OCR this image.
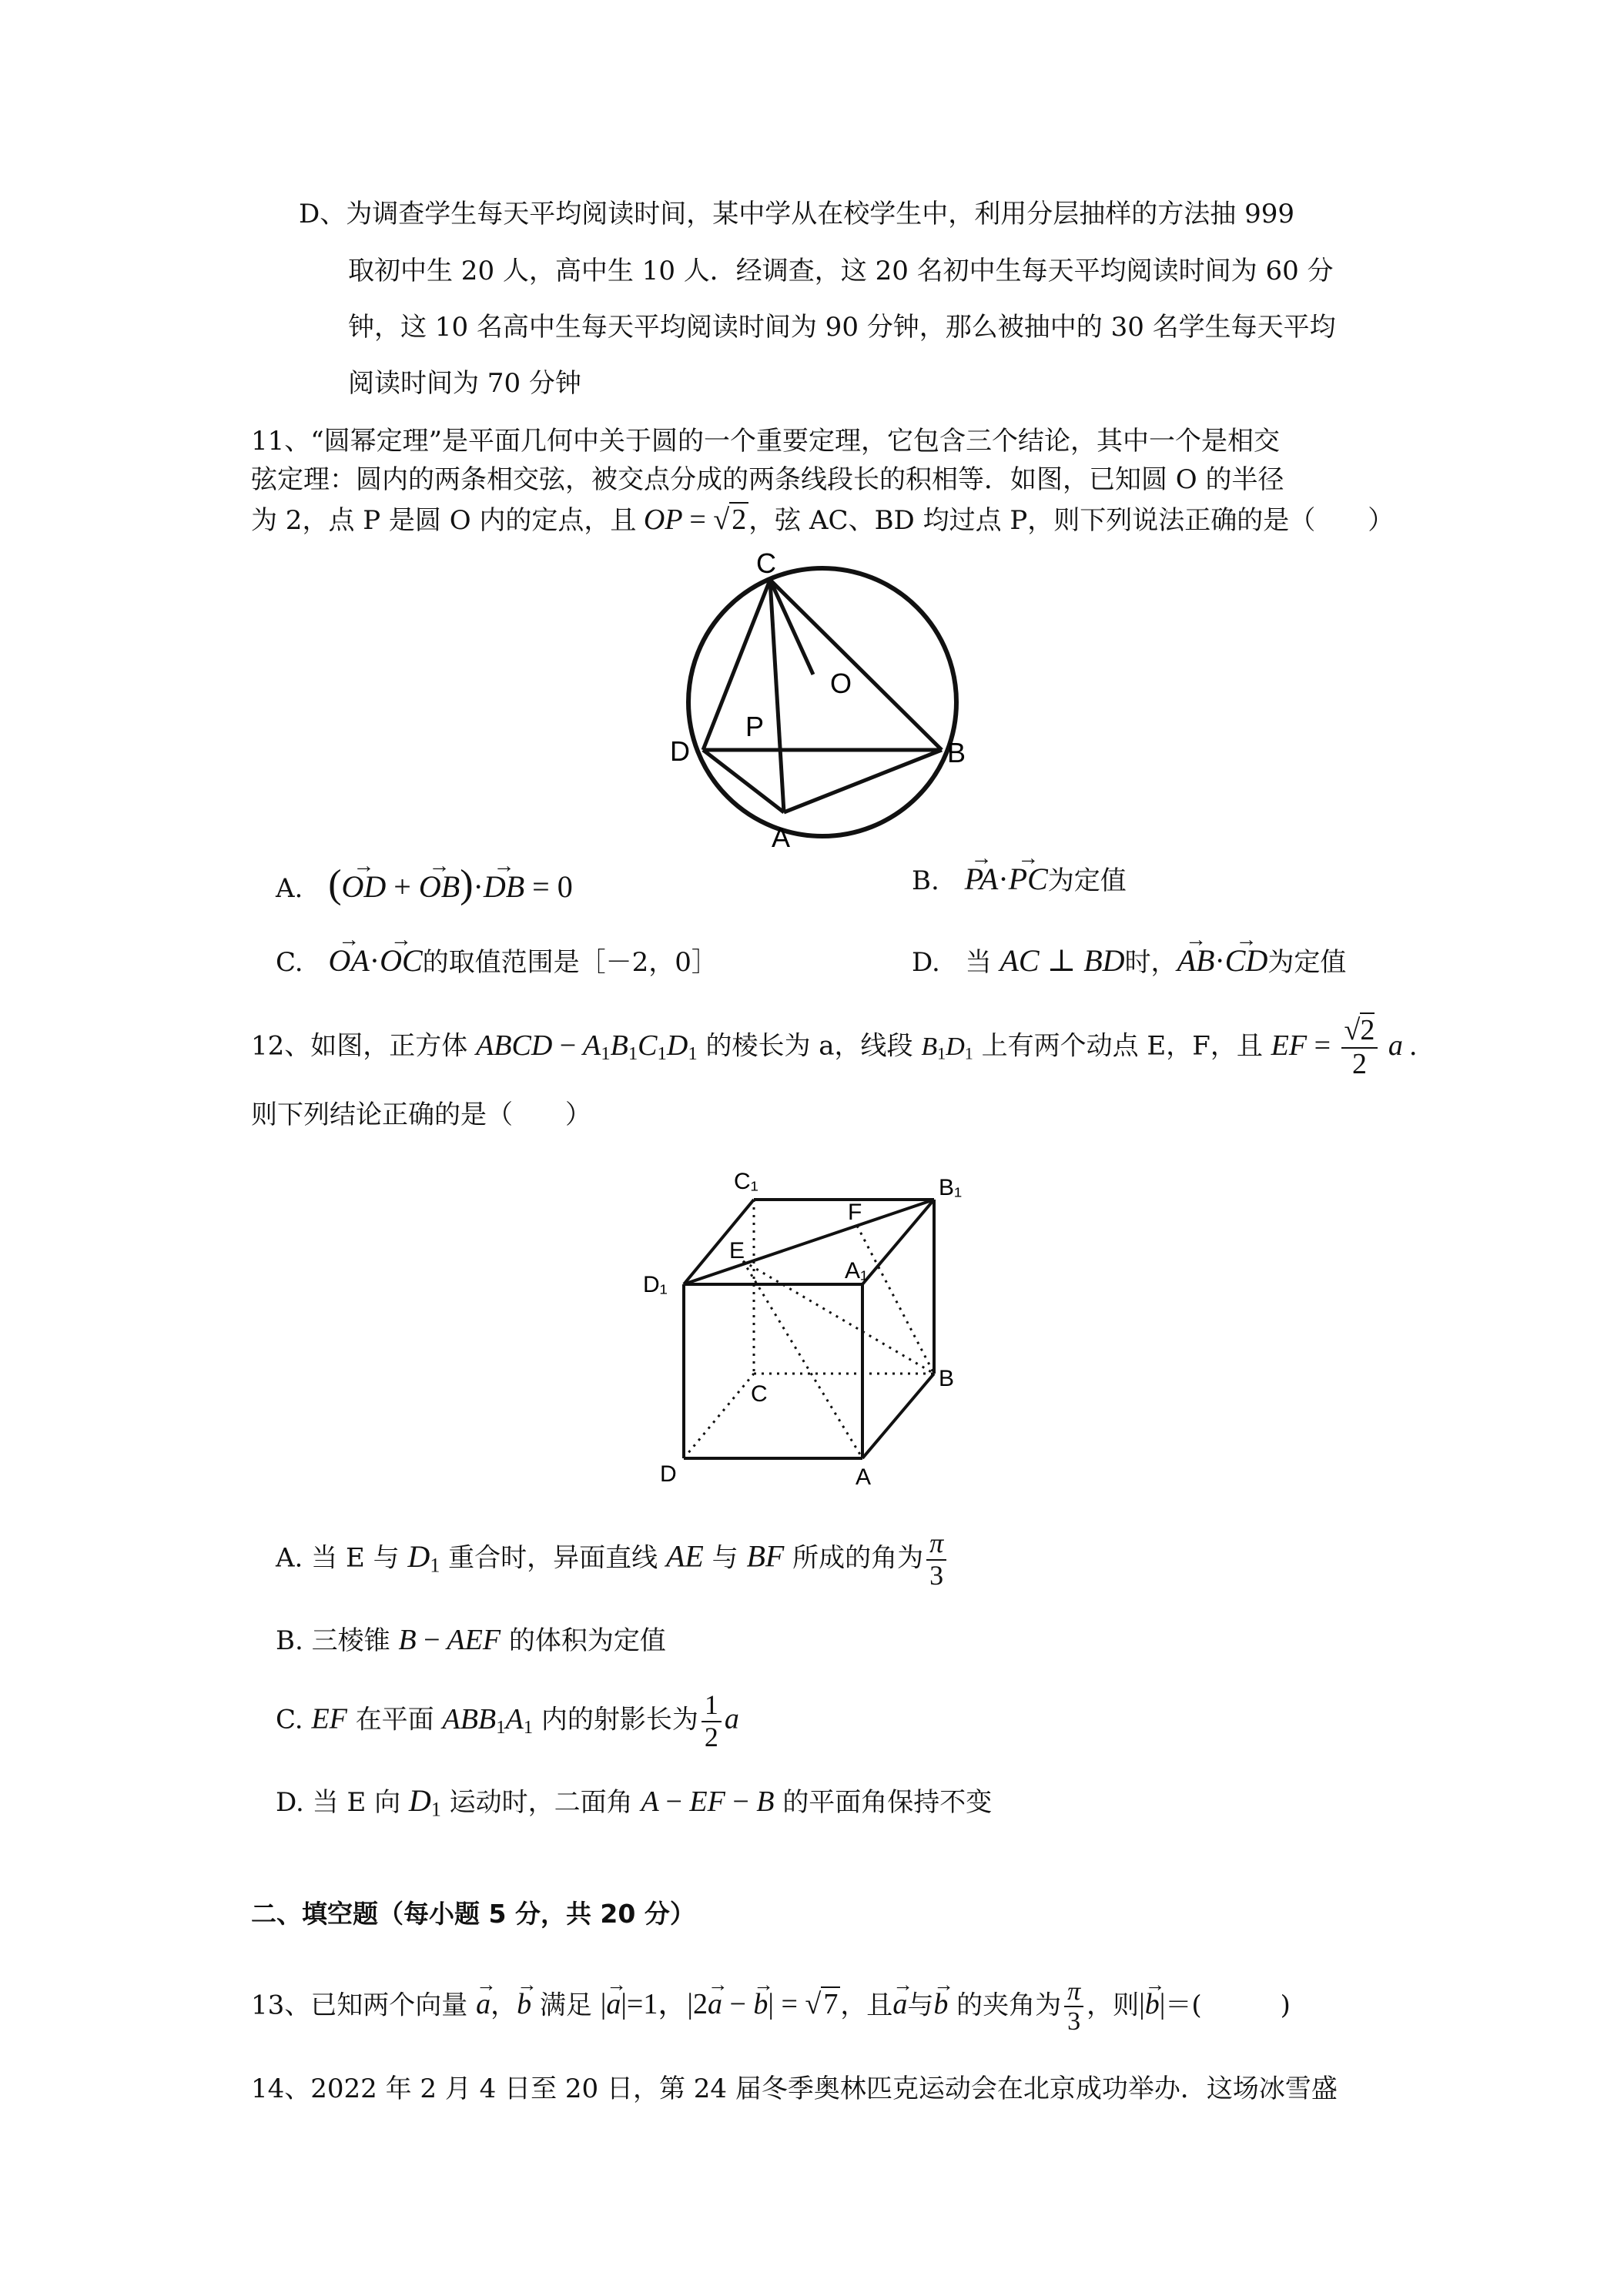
D、为调查学生每天平均阅读时间，某中学从在校学生中，利用分层抽样的方法抽 999
取初中生 20 人，高中生 10 人．经调查，这 20 名初中生每天平均阅读时间为 60 分
钟，这 10 名高中生每天平均阅读时间为 90 分钟，那么被抽中的 30 名学生每天平均
阅读时间为 70 分钟
11、“圆幂定理”是平面几何中关于圆的一个重要定理，它包含三个结论，其中一个是相交
弦定理：圆内的两条相交弦，被交点分成的两条线段长的积相等．如图，已知圆 O 的半径
为 2，点 P 是圆 O 内的定点，且 OP = √2，弦 AC、BD 均过点 P，则下列说法正确的是（　　）
C
O
P
D	B
A
A. (→ OD + → OB)·→ DB = 0	B. → PA·→ PC为定值
C. → OA·→ OC的取值范围是［－2，0］	D. 当 AC ⊥ BD时，→ AB·→ CD为定值
12、如图，正方体 ABCD − $A_1B_1C_1D_1$ 的棱长为 a，线段 $B_1D_1$ 上有两个动点 E，F，且 EF = $\frac{√2}{2}$ a .
则下列结论正确的是（　　）
C₁	B₁
F
E
A₁
D₁
C
B
D	A
A. 当 E 与 $D_1$ 重合时，异面直线 AE 与 BF 所成的角为 $\frac{\pi}{3}$
B. 三棱锥 B − AEF 的体积为定值
C. EF 在平面 $ABB_1A_1$ 内的射影长为 $\frac{1}{2}$ a
D. 当 E 向 $D_1$ 运动时，二面角 A − EF − B 的平面角保持不变
二、填空题（每小题 5 分，共 20 分）
13、已知两个向量 → a，→ b 满足 |→ a|=1，|2→ a − → b| = √7，且→ a与→ b 的夹角为 $\frac{\pi}{3}$ ，则|→ b|＝(　　　)
14、2022 年 2 月 4 日至 20 日，第 24 届冬季奥林匹克运动会在北京成功举办．这场冰雪盛
